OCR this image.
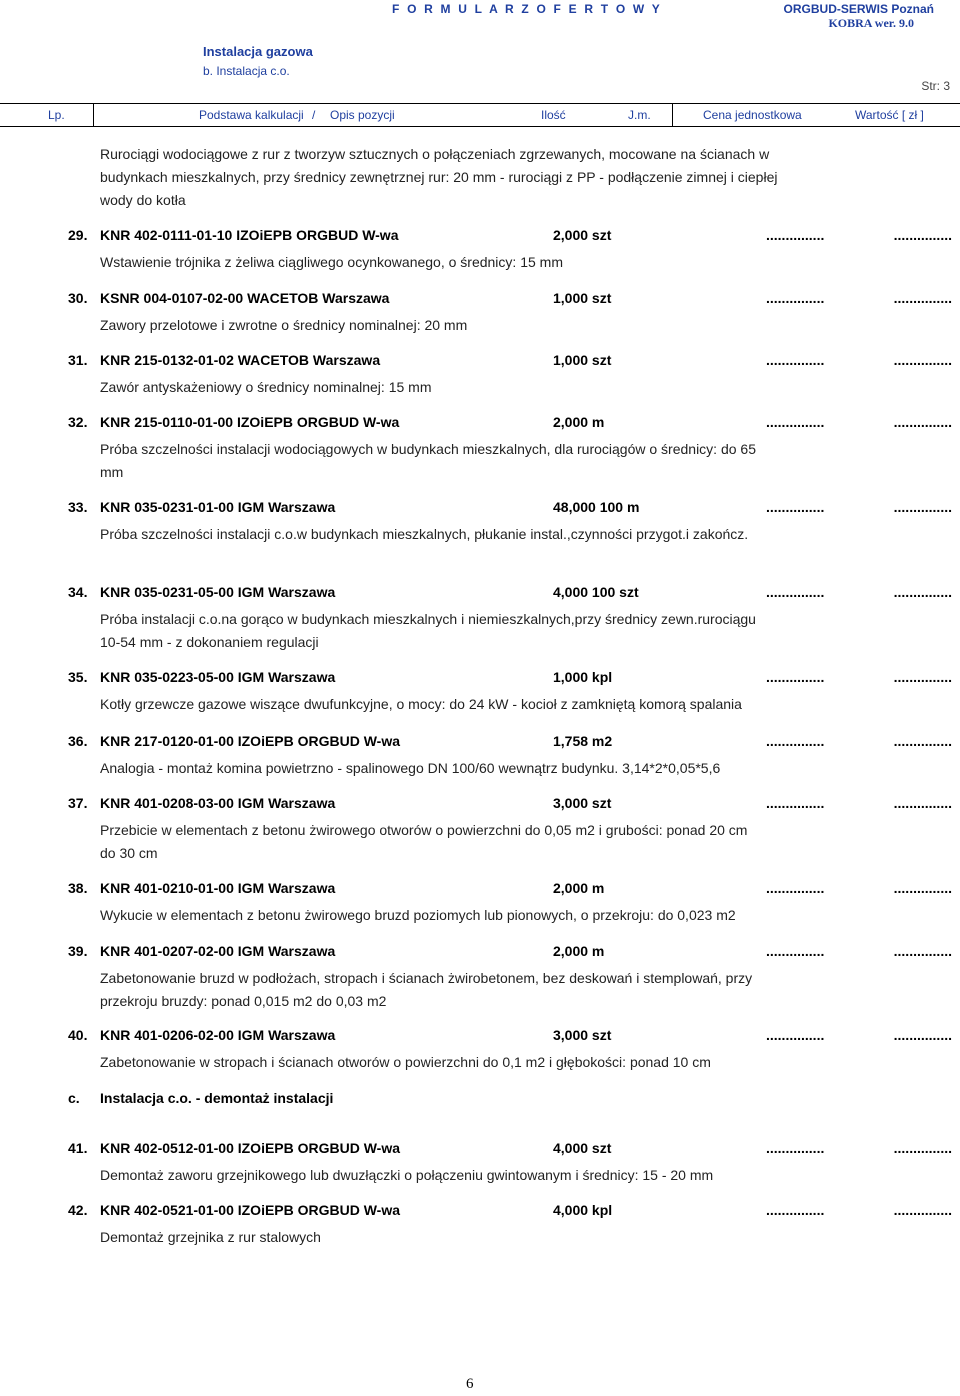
F O R M U L A R Z O F E R T O W Y	ORGBUD-SERWIS Poznań
KOBRA wer. 9.0
Instalacja gazowa
b. Instalacja c.o.
Str: 3
Lp.	Podstawa kalkulacji / Opis pozycji	Ilość	J.m.	Cena jednostkowa	Wartość [ zł ]
Rurociągi wodociągowe z rur z tworzyw sztucznych o połączeniach zgrzewanych, mocowane na ścianach w budynkach mieszkalnych, przy średnicy zewnętrznej rur: 20 mm - rurociągi z PP - podłączenie zimnej i ciepłej wody do kotła
29. KNR 402-0111-01-10 IZOiEPB ORGBUD W-wa	2,000 szt	...............	...............
Wstawienie trójnika z żeliwa ciągliwego ocynkowanego, o średnicy: 15 mm
30. KSNR 004-0107-02-00 WACETOB Warszawa	1,000 szt	...............	...............
Zawory przelotowe i zwrotne o średnicy nominalnej: 20 mm
31. KNR 215-0132-01-02 WACETOB Warszawa	1,000 szt	...............	...............
Zawór antyskażeniowy o średnicy nominalnej: 15 mm
32. KNR 215-0110-01-00 IZOiEPB ORGBUD W-wa	2,000 m	...............	...............
Próba szczelności instalacji wodociągowych w budynkach mieszkalnych, dla rurociągów o średnicy: do 65 mm
33. KNR 035-0231-01-00 IGM Warszawa	48,000 100 m	...............	...............
Próba szczelności instalacji c.o.w budynkach mieszkalnych, płukanie instal.,czynności przygot.i zakończ.
34. KNR 035-0231-05-00 IGM Warszawa	4,000 100 szt	...............	...............
Próba instalacji c.o.na gorąco w budynkach mieszkalnych i niemieszkalnych,przy średnicy zewn.rurociągu 10-54 mm - z dokonaniem regulacji
35. KNR 035-0223-05-00 IGM Warszawa	1,000 kpl	...............	...............
Kotły grzewcze gazowe wiszące dwufunkcyjne, o mocy: do 24 kW - kocioł z zamkniętą komorą spalania
36. KNR 217-0120-01-00 IZOiEPB ORGBUD W-wa	1,758 m2	...............	...............
Analogia - montaż komina powietrzno - spalinowego DN 100/60 wewnątrz budynku. 3,14*2*0,05*5,6
37. KNR 401-0208-03-00 IGM Warszawa	3,000 szt	...............	...............
Przebicie w elementach z betonu żwirowego otworów o powierzchni do 0,05 m2 i grubości: ponad 20 cm do 30 cm
38. KNR 401-0210-01-00 IGM Warszawa	2,000 m	...............	...............
Wykucie w elementach z betonu żwirowego bruzd poziomych lub pionowych, o przekroju: do 0,023 m2
39. KNR 401-0207-02-00 IGM Warszawa	2,000 m	...............	...............
Zabetonowanie bruzd w podłożach, stropach i ścianach żwirobetonem, bez deskowań i stemplowań, przy przekroju bruzdy: ponad 0,015 m2 do 0,03 m2
40. KNR 401-0206-02-00 IGM Warszawa	3,000 szt	...............	...............
Zabetonowanie w stropach i ścianach otworów o powierzchni do 0,1 m2 i głębokości: ponad 10 cm
41. KNR 402-0512-01-00 IZOiEPB ORGBUD W-wa	4,000 szt	...............	...............
Demontaż zaworu grzejnikowego lub dwuzłączki o połączeniu gwintowanym i średnicy: 15 - 20 mm
42. KNR 402-0521-01-00 IZOiEPB ORGBUD W-wa	4,000 kpl	...............	...............
Demontaż grzejnika z rur stalowych
c. Instalacja c.o. - demontaż instalacji
6
